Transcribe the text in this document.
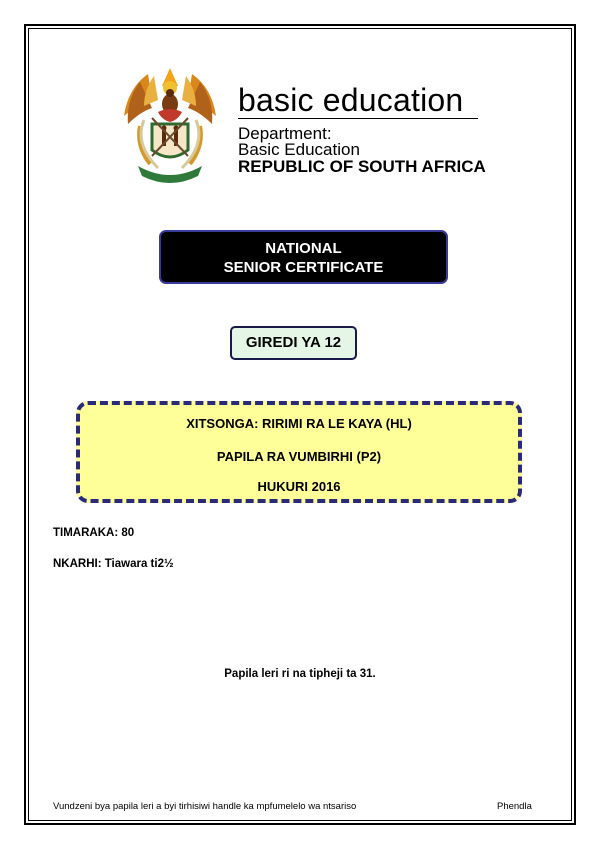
basic education
Department:
Basic Education
REPUBLIC OF SOUTH AFRICA
NATIONAL
SENIOR CERTIFICATE
GIREDI YA 12
XITSONGA: RIRIMI RA LE KAYA (HL)
PAPILA RA VUMBIRHI (P2)
HUKURI 2016
TIMARAKA: 80
NKARHI: Tiawara ti2½
Papila leri ri na tipheji ta 31.
Vundzeni bya papila leri a byi tirhisiwi handle ka mpfumelelo wa ntsariso	Phendla
